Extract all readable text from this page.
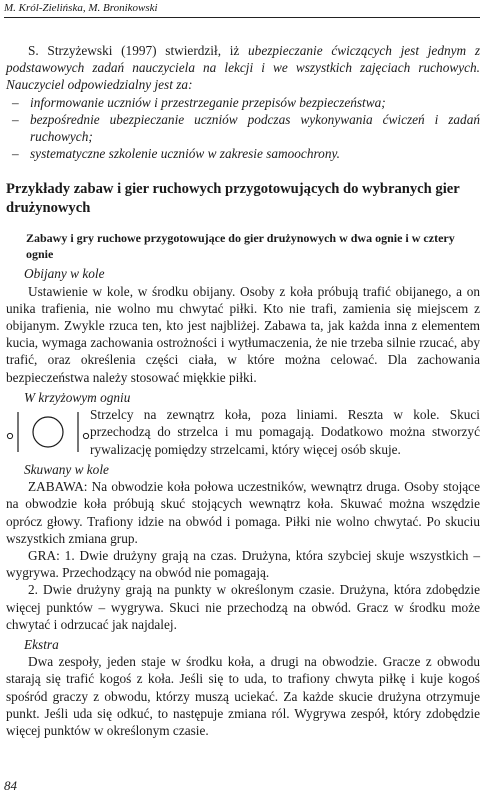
M. Król-Zielińska, M. Bronikowski

S. Strzyżewski (1997) stwierdził, iż ubezpieczanie ćwiczących jest jednym z podstawowych zadań nauczyciela na lekcji i we wszystkich zajęciach ruchowych. Nauczyciel odpowiedzialny jest za:

– informowanie uczniów i przestrzeganie przepisów bezpieczeństwa;
– bezpośrednie ubezpieczanie uczniów podczas wykonywania ćwiczeń i zadań ruchowych;
– systematyczne szkolenie uczniów w zakresie samoochrony.
Przykłady zabaw i gier ruchowych przygotowujących do wybranych gier drużynowych
Zabawy i gry ruchowe przygotowujące do gier drużynowych w dwa ognie i w cztery ognie
Obijany w kole

Ustawienie w kole, w środku obijany. Osoby z koła próbują trafić obijanego, a on unika trafienia, nie wolno mu chwytać piłki. Kto nie trafi, zamienia się miejscem z obijanym. Zwykle rzuca ten, kto jest najbliżej. Zabawa ta, jak każda inna z elementem kucia, wymaga zachowania ostrożności i wytłumaczenia, że nie trzeba silnie rzucać, aby trafić, oraz określenia części ciała, w które można celować. Dla zachowania bezpieczeństwa należy stosować miękkie piłki.

W krzyżowym ogniu

Strzelcy na zewnątrz koła, poza liniami. Reszta w kole. Skuci przechodzą do strzelca i mu pomagają. Dodatkowo można stworzyć rywalizację pomiędzy strzelcami, który więcej osób skuje.

Skuwany w kole

ZABAWA: Na obwodzie koła połowa uczestników, wewnątrz druga. Osoby stojące na obwodzie koła próbują skuć stojących wewnątrz koła. Skuwać można wszędzie oprócz głowy. Trafiony idzie na obwód i pomaga. Piłki nie wolno chwytać. Po skuciu wszystkich zmiana grup.

GRA: 1. Dwie drużyny grają na czas. Drużyna, która szybciej skuje wszystkich – wygrywa. Przechodzący na obwód nie pomagają.

2. Dwie drużyny grają na punkty w określonym czasie. Drużyna, która zdobędzie więcej punktów – wygrywa. Skuci nie przechodzą na obwód. Gracz w środku może chwytać i odrzucać jak najdalej.

Ekstra

Dwa zespoły, jeden staje w środku koła, a drugi na obwodzie. Gracze z obwodu starają się trafić kogoś z koła. Jeśli się to uda, to trafiony chwyta piłkę i kuje kogoś spośród graczy z obwodu, którzy muszą uciekać. Za każde skucie drużyna otrzymuje punkt. Jeśli uda się odkuć, to następuje zmiana ról. Wygrywa zespół, który zdobędzie więcej punktów w określonym czasie.

84
